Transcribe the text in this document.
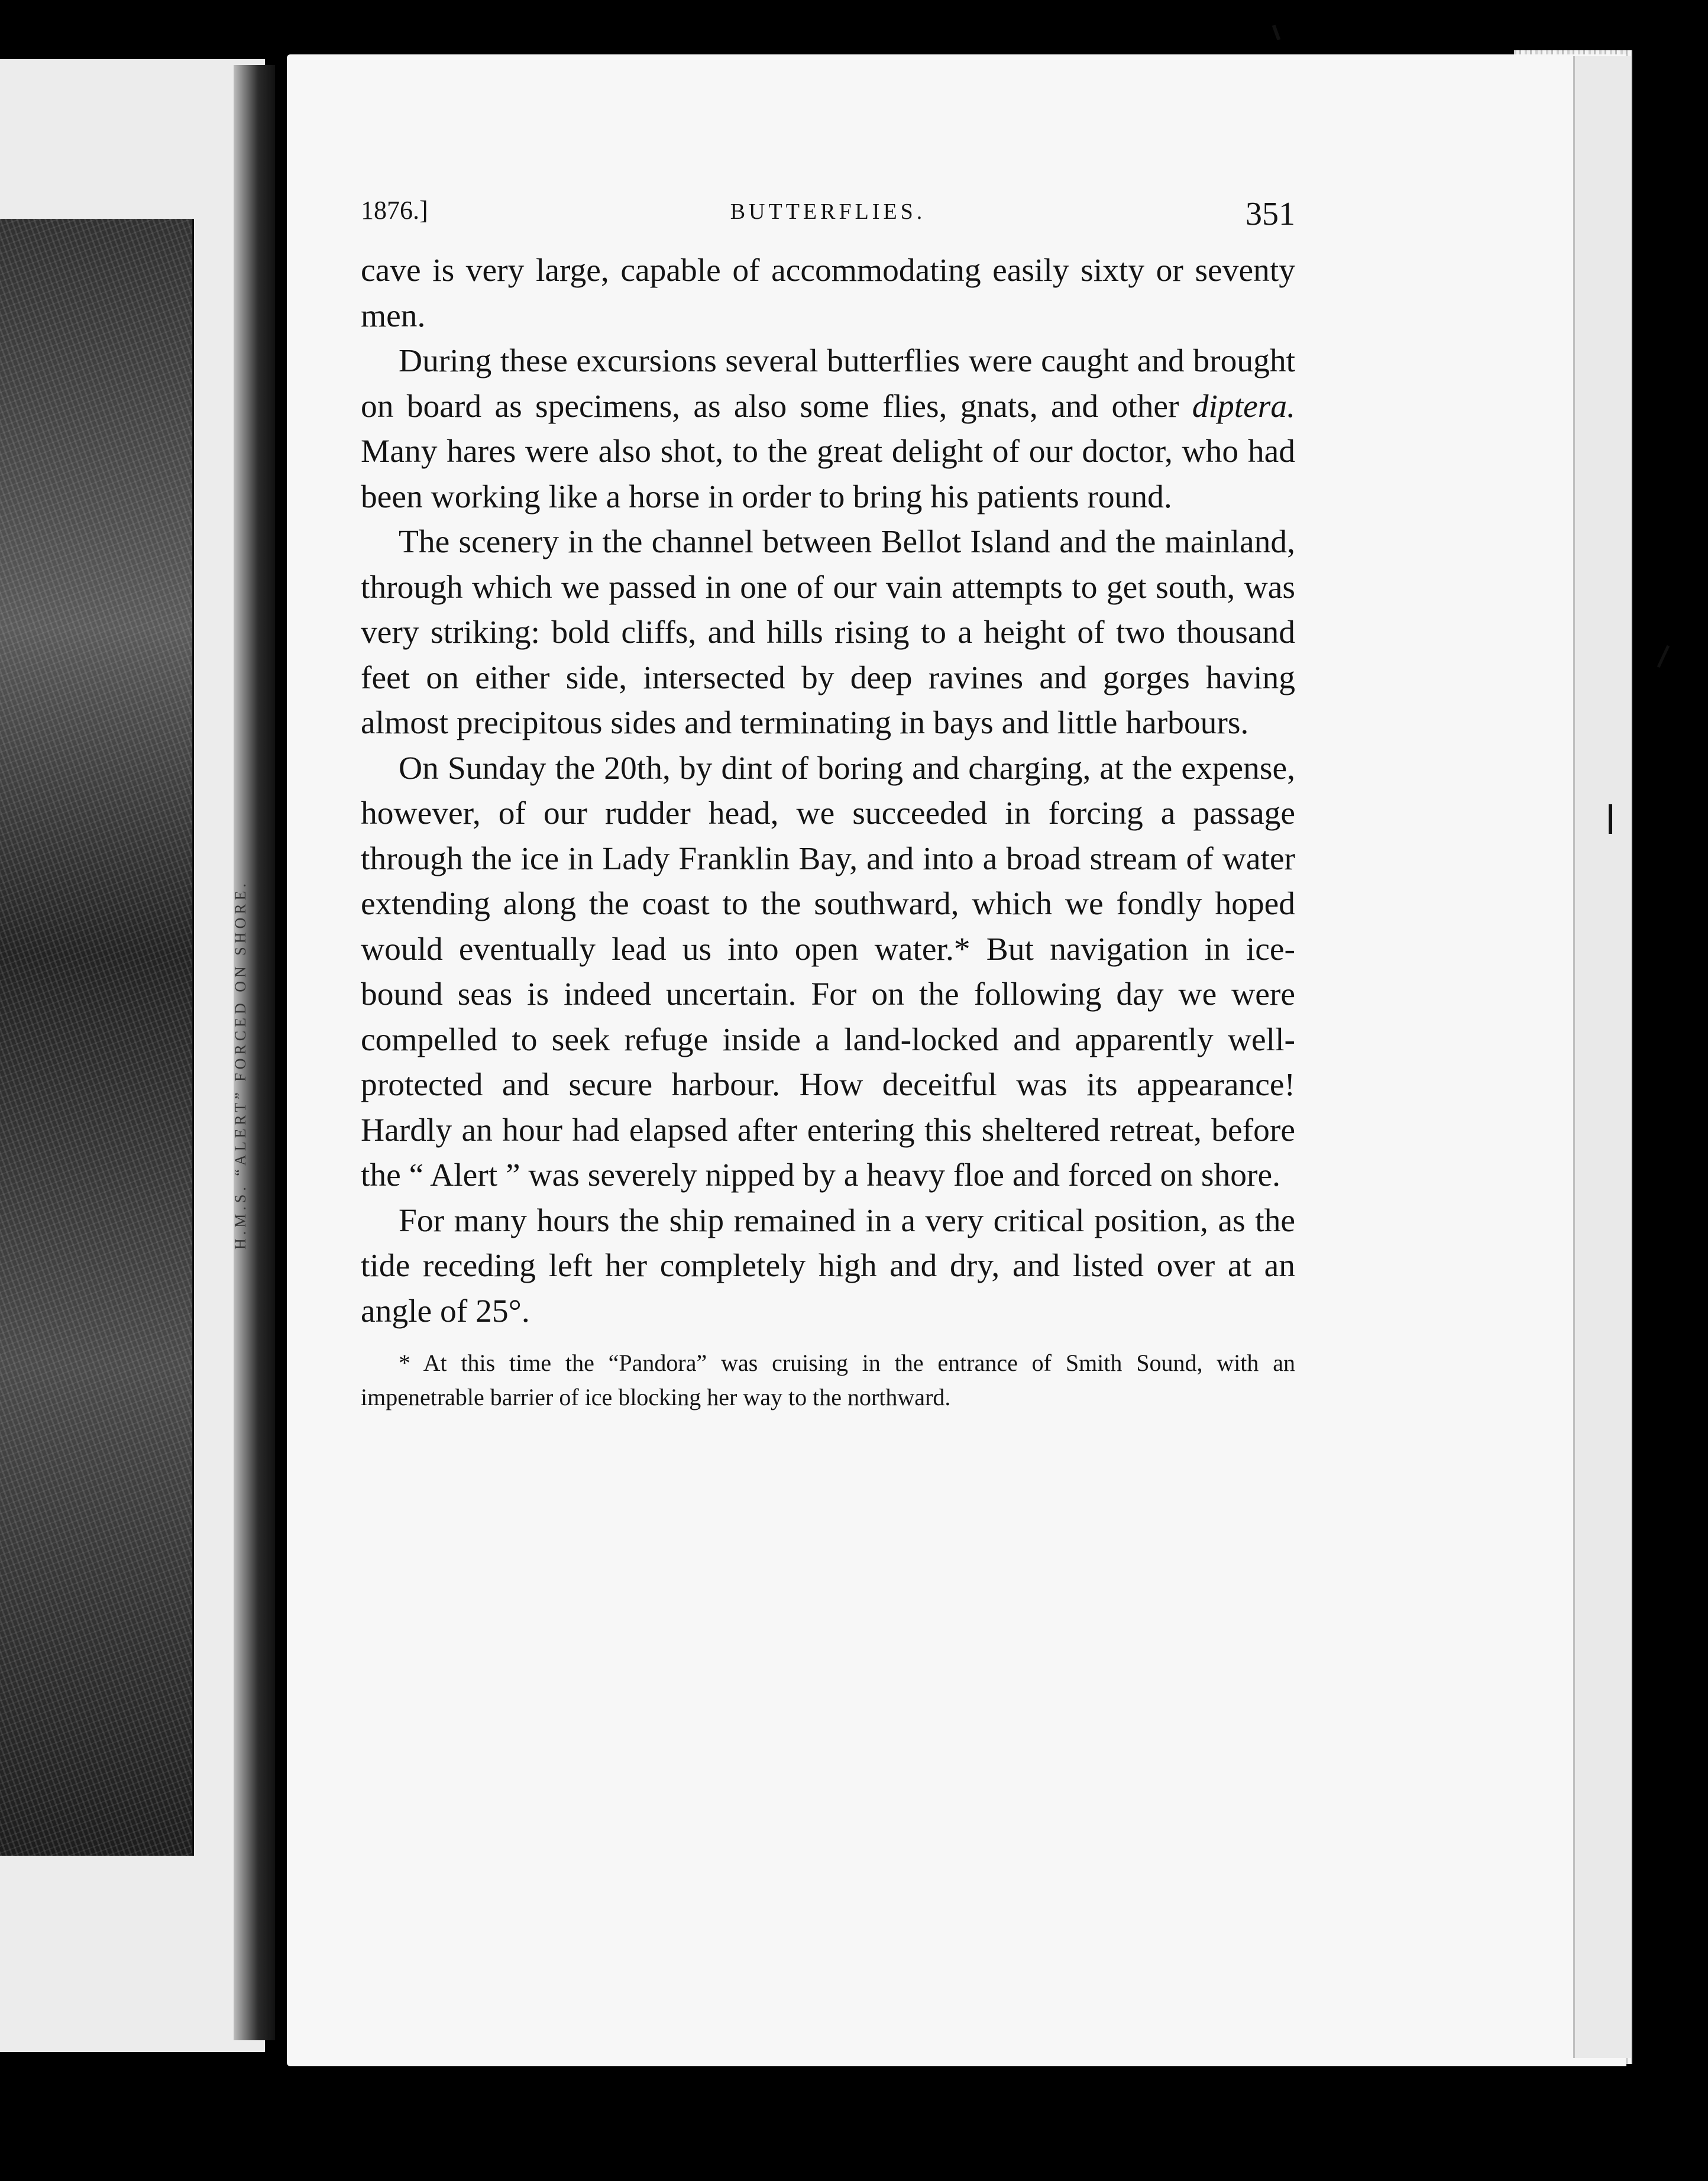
H.M.S. “ALERT” FORCED ON SHORE.
1876.]	BUTTERFLIES.	351

cave is very large, capable of accommodating easily sixty or seventy men.

During these excursions several butterflies were caught and brought on board as specimens, as also some flies, gnats, and other diptera. Many hares were also shot, to the great delight of our doctor, who had been working like a horse in order to bring his patients round.

The scenery in the channel between Bellot Island and the mainland, through which we passed in one of our vain attempts to get south, was very striking: bold cliffs, and hills rising to a height of two thousand feet on either side, intersected by deep ravines and gorges having almost precipitous sides and terminating in bays and little harbours.

On Sunday the 20th, by dint of boring and charging, at the expense, however, of our rudder head, we succeeded in forcing a passage through the ice in Lady Franklin Bay, and into a broad stream of water extending along the coast to the southward, which we fondly hoped would eventually lead us into open water.* But navigation in ice-bound seas is indeed uncertain. For on the following day we were compelled to seek refuge inside a land-locked and apparently well-protected and secure harbour. How deceitful was its appearance! Hardly an hour had elapsed after entering this sheltered retreat, before the “ Alert ” was severely nipped by a heavy floe and forced on shore.

For many hours the ship remained in a very critical position, as the tide receding left her completely high and dry, and listed over at an angle of 25°.

* At this time the “Pandora” was cruising in the entrance of Smith Sound, with an impenetrable barrier of ice blocking her way to the northward.
